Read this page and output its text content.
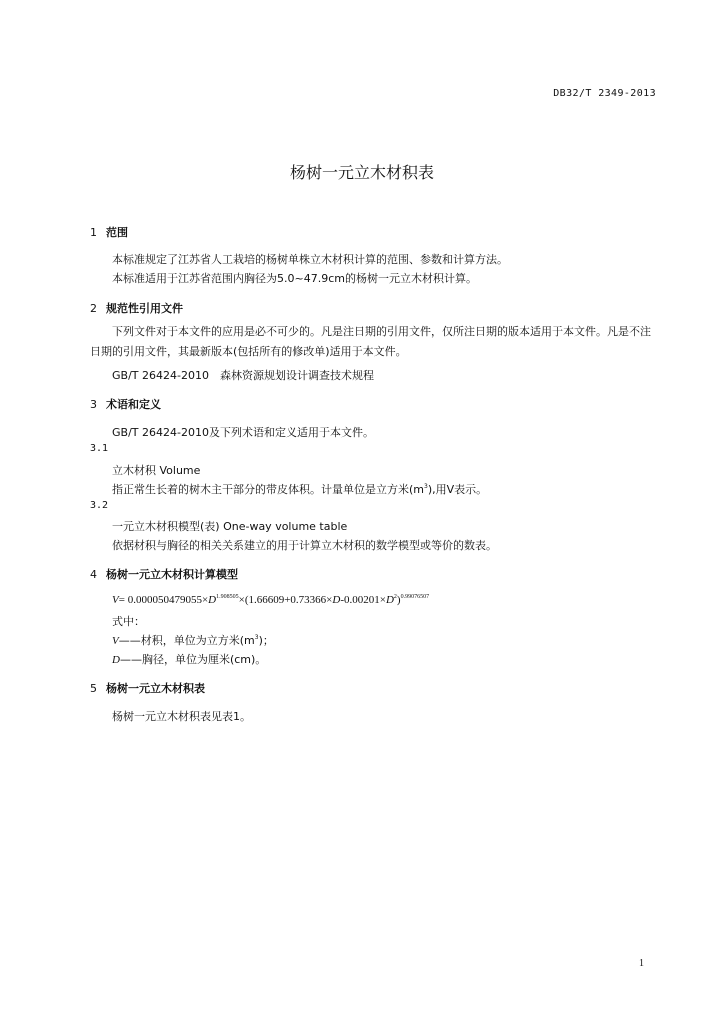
DB32/T 2349-2013
杨树一元立木材积表
1 范围
本标准规定了江苏省人工栽培的杨树单株立木材积计算的范围、参数和计算方法。
本标准适用于江苏省范围内胸径为5.0~47.9cm的杨树一元立木材积计算。
2 规范性引用文件
下列文件对于本文件的应用是必不可少的。凡是注日期的引用文件，仅所注日期的版本适用于本文件。凡是不注日期的引用文件，其最新版本(包括所有的修改单)适用于本文件。
GB/T 26424-2010　森林资源规划设计调查技术规程
3 术语和定义
GB/T 26424-2010及下列术语和定义适用于本文件。
3.1
立木材积 Volume
指正常生长着的树木主干部分的带皮体积。计量单位是立方米$(m^3)$,用V表示。
3.2
一元立木材积模型(表) One-way volume table
依据材积与胸径的相关关系建立的用于计算立木材积的数学模型或等价的数表。
4 杨树一元立木材积计算模型
$V= 0.000050479055\times D^{1.908505}\times(1.66609+0.73366\times D-0.00201\times D^2)^{0.99076507}$
式中：
V——材积，单位为立方米$(m^3)$；
D——胸径，单位为厘米(cm)。
5 杨树一元立木材积表
杨树一元立木材积表见表1。
1
